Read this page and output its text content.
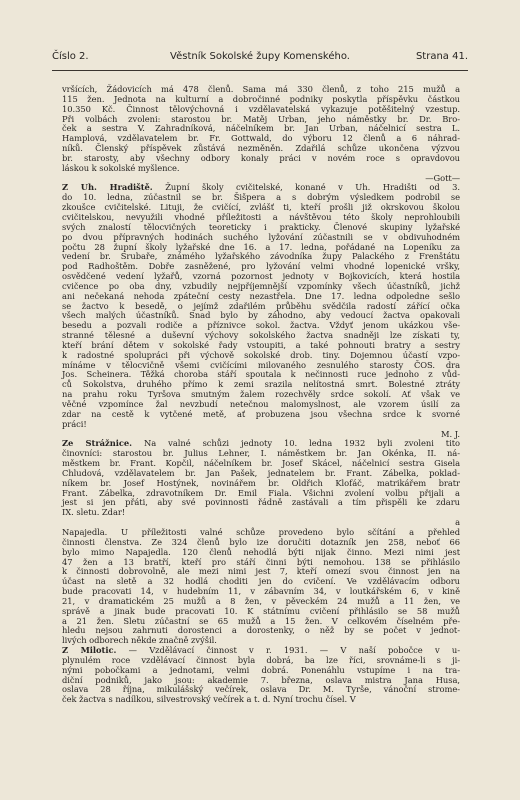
Číslo 2.	Věstník Sokolské župy Komenského.	Strana 41.

vršících, Žádovicích má 478 členů. Sama má 330 členů, z toho 215 mužů a

115 žen. Jednota na kulturní a dobročinné podniky poskytla příspěvku částkou

10.350 Kč. Činnost tělovýchovná i vzdělavatelská vykazuje potěšitelný vzestup.

Při volbách zvoleni: starostou br. Matěj Urban, jeho náměstky br. Dr. Bro-

ček a sestra V. Zahradníková, náčelníkem br. Jan Urban, náčelnicí sestra L.

Hamplová, vzdělavatelem br. Fr. Gottwald, do výboru 12 členů a 6 náhrad-

níků. Členský příspěvek zůstává nezměněn. Zdařilá schůze ukončena výzvou

br. starosty, aby všechny odbory konaly práci v novém roce s opravdovou

láskou k sokolské myšlence.

—Gott—

Z Uh. Hradiště. Župní školy cvičitelské, konané v Uh. Hradišti od 3.

do 10. ledna, zúčastnil se br. Šišpera a s dobrým výsledkem podrobil se

zkoušce cvičitelské. Lituji, že cvičící, zvlášť ti, kteří prošli již okrskovou školou

cvičitelskou, nevyužili vhodné příležitosti a návštěvou této školy neprohloubili

svých znalostí tělocvičných teoreticky i prakticky. Členové skupiny lyžařské

po dvou přípravných hodinách suchého lyžování zúčastnili se v obdivuhodném

počtu 28 župní školy lyžařské dne 16. a 17. ledna, pořádané na Lopeníku za

vedení br. Srubaře, známého lyžařského závodníka župy Palackého z Frenštátu

pod Radhoštěm. Dobře zasněžené, pro lyžování velmi vhodné lopenické vršky,

osvědčené vedení lyžařů, vzorná pozornost jednoty v Bojkovicích, která hostila

cvičence po oba dny, vzbudily nejpříjemnější vzpomínky všech účastníků, jichž

ani nečekaná nehoda zpáteční cesty nezastřela. Dne 17. ledna odpoledne sešlo

se žactvo k besedě, o jejímž zdařilém průběhu svědčila radostí zářící očka

všech malých účastníků. Snad bylo by záhodno, aby vedoucí žactva opakovali

besedu a pozvali rodiče a příznivce sokol. žactva. Vždyť jenom ukázkou vše-

stranné tělesné a duševní výchovy sokolského žactva snadněji lze získati ty,

kteří brání dětem v sokolské řady vstoupiti, a také pohnouti bratry a sestry

k radostné spolupráci při výchově sokolské drob. tiny. Dojemnou účastí vzpo-

mínáme v tělocvičně všemi cvičícími milovaného zesnulého starosty ČOS. dra

Jos. Scheinera. Těžká choroba stáří spoutala k nečinnosti ruce jednoho z vůd-

ců Sokolstva, druhého přímo k zemi srazila nelítostná smrt. Bolestné ztráty

na prahu roku Tyršova smutným žalem rozechvěly srdce sokolí. Ať však ve

věčné vzpomínce žal nevzbudí netečnou malomyslnost, ale vzorem úsilí za

zdar na cestě k vytčené metě, ať probuzena jsou všechna srdce k svorné

práci!

M. J.

Ze Strážnice. Na valné schůzi jednoty 10. ledna 1932 byli zvoleni tito

činovníci: starostou br. Julius Lehner, I. náměstkem br. Jan Okénka, II. ná-

městkem br. Frant. Kopčil, náčelníkem br. Josef Skácel, náčelnicí sestra Gisela

Chludová, vzdělavatelem br. Jan Pašek, jednatelem br. Frant. Zábelka, poklad-

níkem br. Josef Hostýnek, novinářem br. Oldřich Klofáč, matrikářem bratr

Frant. Zábelka, zdravotníkem Dr. Emil Fiala. Všichni zvolení volbu přijali a

jest si jen přáti, aby své povinnosti řádně zastávali a tím přispěli ke zdaru

IX. sletu. Zdar!

a

Napajedla. U příležitosti valné schůze provedeno bylo sčítání a přehled

činnosti členstva. Ze 324 členů bylo ize doručiti dotazník jen 258, neboť 66

bylo mimo Napajedla. 120 členů nehodlá býti nijak činno. Mezi nimi jest

47 žen a 13 bratří, kteří pro stáří činni býti nemohou. 138 se přihlásilo

k činnosti dobrovolně, ale mezi nimi jest 7, kteří omezí svou činnost jen na

účast na sletě a 32 hodlá choditi jen do cvičení. Ve vzdělávacím odboru

bude pracovati 14, v hudebním 11, v zábavním 34, v loutkářském 6, v kině

21, v dramatickém 25 mužů a 8 žen, v pěveckém 24 mužů a 11 žen, ve

správě a jinak bude pracovati 10. K státnímu cvičení přihlásilo se 58 mužů

a 21 žen. Sletu zúčastní se 65 mužů a 15 žen. V celkovém číselném pře-

hledu nejsou zahrnuti dorostenci a dorostenky, o něž by se počet v jednot-

livých odborech někde značně zvýšil.

Z Milotic. — Vzdělávací činnost v r. 1931. — V naší pobočce v u-

plynulém roce vzdělávací činnost byla dobrá, ba lze říci, srovnáme-li s ji-

nými pobočkami a jednotami, velmi dobrá. Ponenáhlu vstupíme i na tra-

diční podniků, jako jsou: akademie 7. března, oslava mistra Jana Husa,

oslava 28 října, mikulášský večírek, oslava Dr. M. Tyrše, vánoční strome-

ček žactva s nadílkou, silvestrovský večírek a t. d. Nyní trochu čísel. V
